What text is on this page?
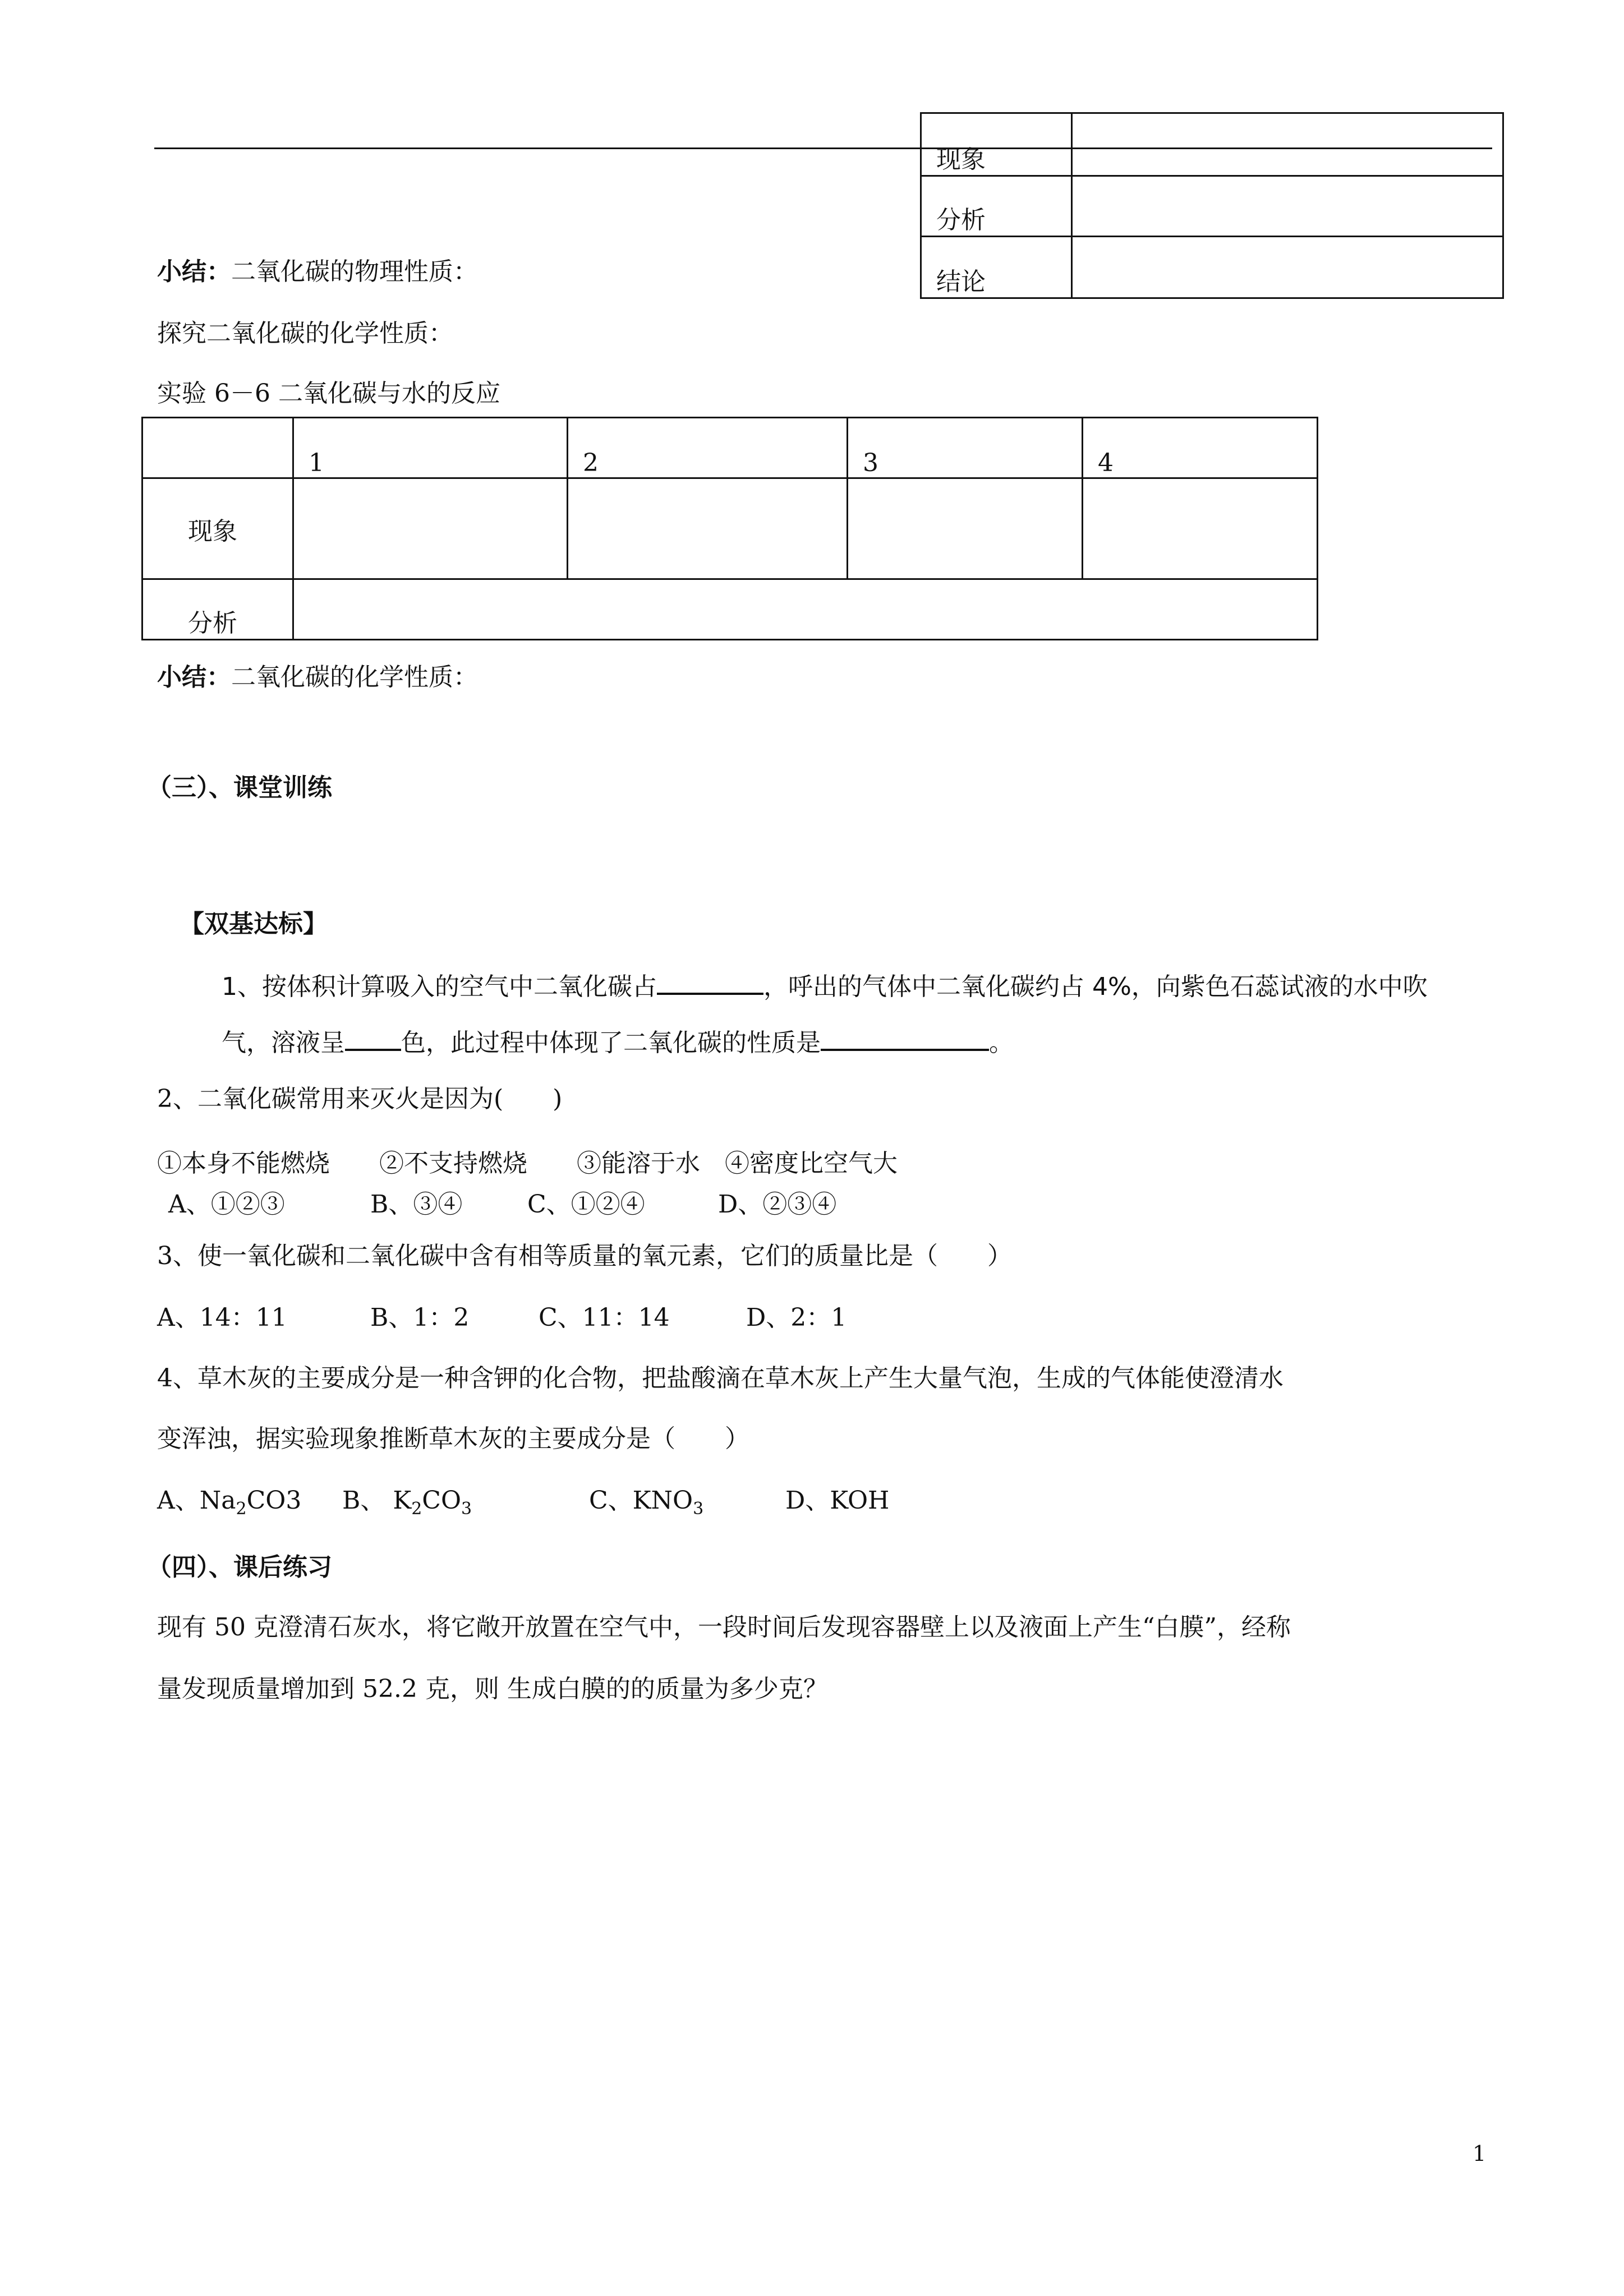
现象	
分析	
结论	
小结：二氧化碳的物理性质：
探究二氧化碳的化学性质：
实验 6－6 二氧化碳与水的反应
	1	2	3	4
现象				
分析				
小结：二氧化碳的化学性质：
（三）、课堂训练
【双基达标】
1、按体积计算吸入的空气中二氧化碳占	，呼出的气体中二氧化碳约占 4%，向紫色石蕊试液的水中吹
气，溶液呈 色，此过程中体现了二氧化碳的性质是	。
2、二氧化碳常用来灭火是因为(　　)
①本身不能燃烧　　②不支持燃烧　　③能溶于水　④密度比空气大
A、①②③	B、③④	C、①②④	D、②③④
3、使一氧化碳和二氧化碳中含有相等质量的氧元素，它们的质量比是（　　）
A、14：11	B、1：2	C、11：14	D、2：1
4、草木灰的主要成分是一种含钾的化合物，把盐酸滴在草木灰上产生大量气泡，生成的气体能使澄清水
变浑浊，据实验现象推断草木灰的主要成分是（　　）
A、$Na_2CO3$ B、 $K_2CO_3$	C、$KNO_3$	D、KOH
（四）、课后练习
现有 50 克澄清石灰水，将它敞开放置在空气中，一段时间后发现容器壁上以及液面上产生“白膜”，经称
量发现质量增加到 52.2 克，则 生成白膜的的质量为多少克？
1
